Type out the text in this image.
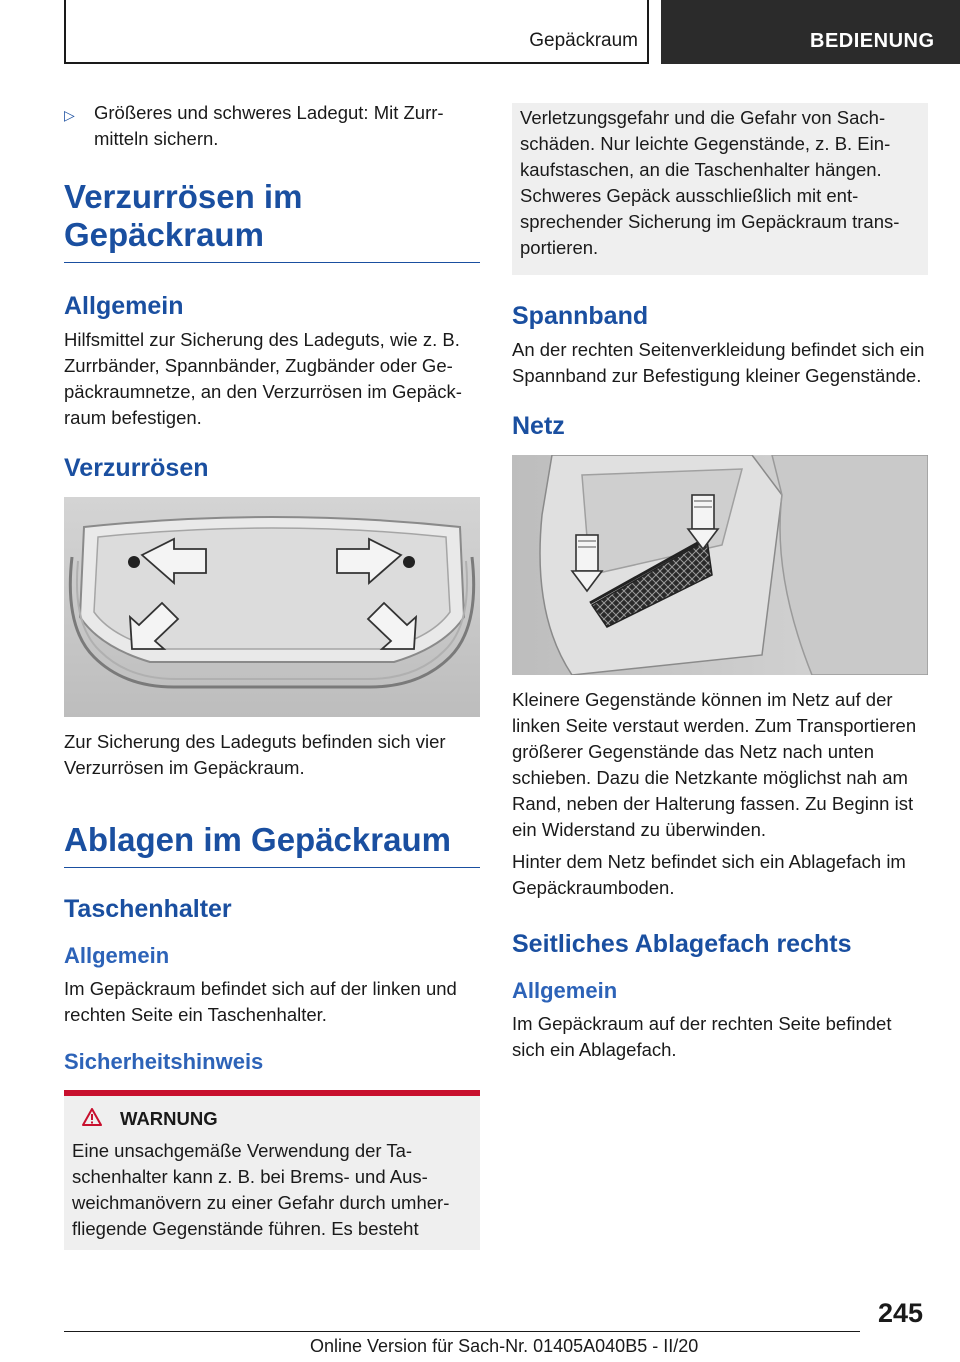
Gepäckraum	BEDIENUNG
▷	Größeres und schweres Ladegut: Mit Zurrmitteln sichern.
Verzurrösen im Gepäckraum
Allgemein

Hilfsmittel zur Sicherung des Ladeguts, wie z. B. Zurrbänder, Spannbänder, Zugbänder oder Gepäckraumnetze, an den Verzurrösen im Gepäckraum befestigen.

Verzurrösen

Zur Sicherung des Ladeguts befinden sich vier Verzurrösen im Gepäckraum.

Ablagen im Gepäckraum
Taschenhalter
Allgemein

Im Gepäckraum befindet sich auf der linken und rechten Seite ein Taschenhalter.

Sicherheitshinweis
WARNUNG
Eine unsachgemäße Verwendung der Taschenhalter kann z. B. bei Brems- und Ausweichmanövern zu einer Gefahr durch umherfliegende Gegenstände führen. Es besteht
Verletzungsgefahr und die Gefahr von Sachschäden. Nur leichte Gegenstände, z. B. Einkaufstaschen, an die Taschenhalter hängen. Schweres Gepäck ausschließlich mit entsprechender Sicherung im Gepäckraum transportieren.
Spannband

An der rechten Seitenverkleidung befindet sich ein Spannband zur Befestigung kleiner Gegenstände.

Netz

Kleinere Gegenstände können im Netz auf der linken Seite verstaut werden. Zum Transportieren größerer Gegenstände das Netz nach unten schieben. Dazu die Netzkante möglichst nah am Rand, neben der Halterung fassen. Zu Beginn ist ein Widerstand zu überwinden.

Hinter dem Netz befindet sich ein Ablagefach im Gepäckraumboden.

Seitliches Ablagefach rechts
Allgemein

Im Gepäckraum auf der rechten Seite befindet sich ein Ablagefach.

245
Online Version für Sach-Nr. 01405A040B5 - II/20
